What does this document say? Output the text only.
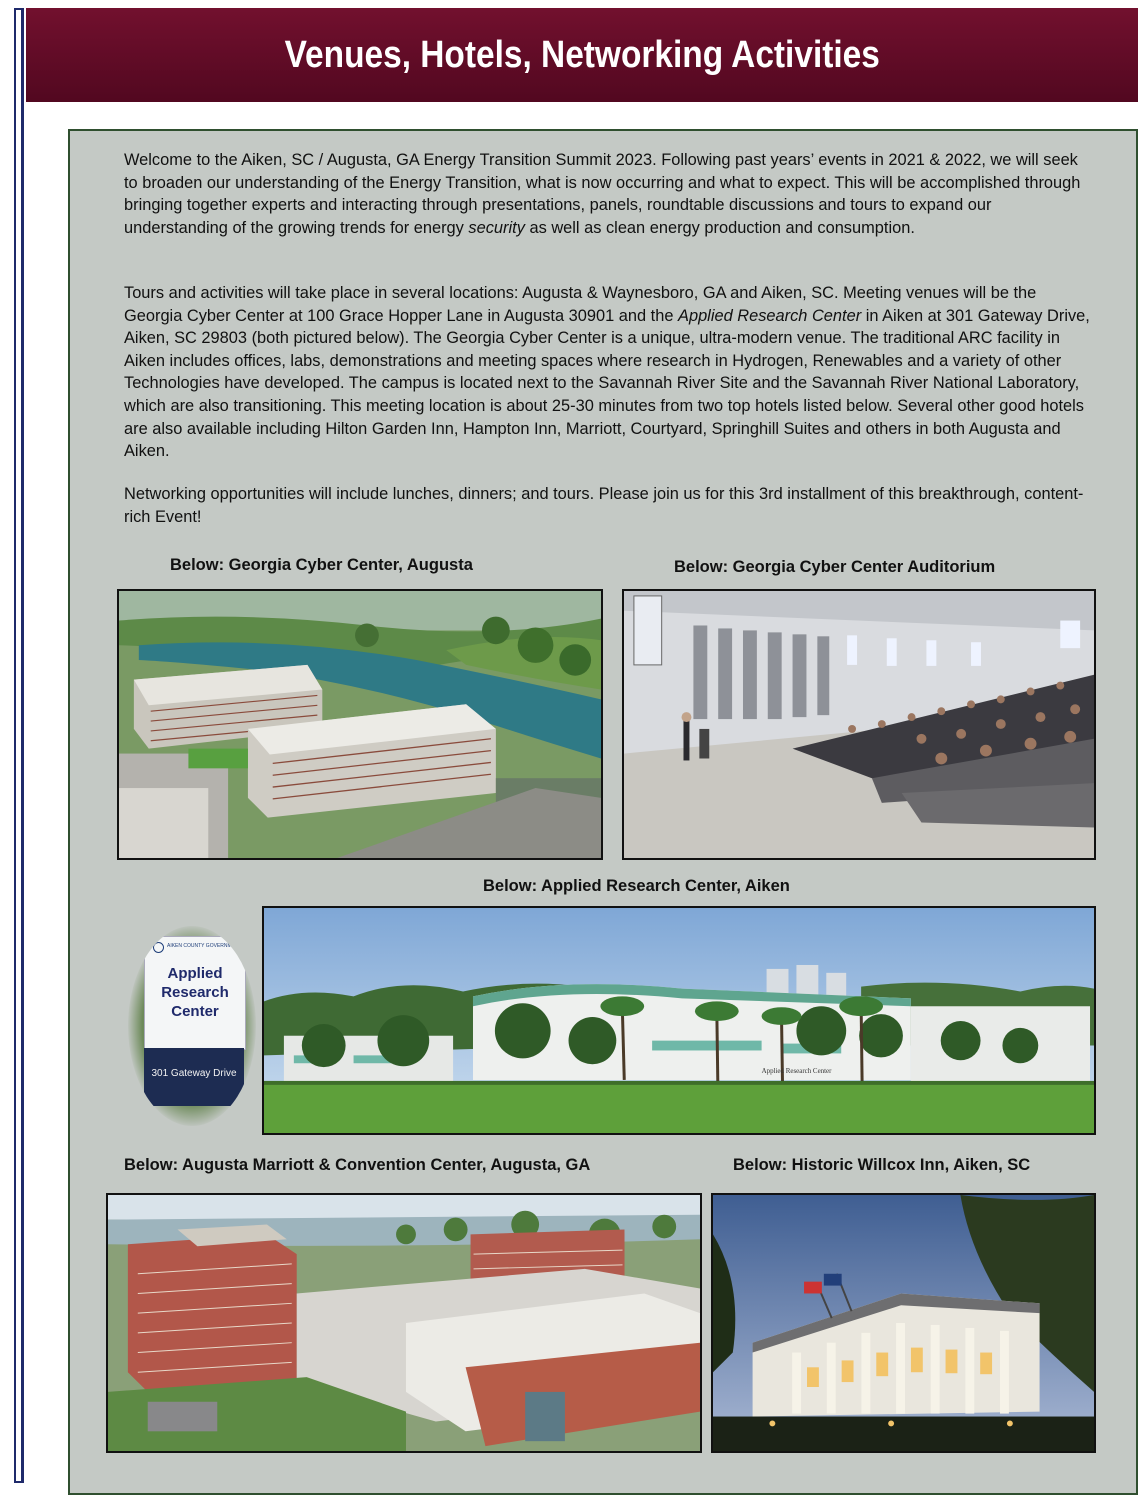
Venues, Hotels, Networking Activities

Welcome to the Aiken, SC / Augusta, GA Energy Transition Summit 2023. Following past years’ events in 2021 & 2022, we will seek to broaden our understanding of the Energy Transition, what is now occurring and what to expect. This will be accomplished through bringing together experts and interacting through presentations, panels, roundtable discussions and tours to expand our understanding of the growing trends for energy security as well as clean energy production and consumption.

Tours and activities will take place in several locations: Augusta & Waynesboro, GA and Aiken, SC. Meeting venues will be the Georgia Cyber Center at 100 Grace Hopper Lane in Augusta 30901 and the Applied Research Center in Aiken at 301 Gateway Drive, Aiken, SC 29803 (both pictured below). The Georgia Cyber Center is a unique, ultra-modern venue. The traditional ARC facility in Aiken includes offices, labs, demonstrations and meeting spaces where research in Hydrogen, Renewables and a variety of other Technologies have developed. The campus is located next to the Savannah River Site and the Savannah River National Laboratory, which are also transitioning. This meeting location is about 25-30 minutes from two top hotels listed below. Several other good hotels are also available including Hilton Garden Inn, Hampton Inn, Marriott, Courtyard, Springhill Suites and others in both Augusta and Aiken.

Networking opportunities will include lunches, dinners; and tours. Please join us for this 3rd installment of this breakthrough, content-rich Event!

Below: Georgia Cyber Center, Augusta	Below: Georgia Cyber Center Auditorium
Below: Applied Research Center, Aiken
AIKEN COUNTY GOVERNMENT
Applied
Research
Center
301 Gateway Drive	Applied Research Center
Below: Augusta Marriott & Convention Center, Augusta, GA	Below: Historic Willcox Inn, Aiken, SC
